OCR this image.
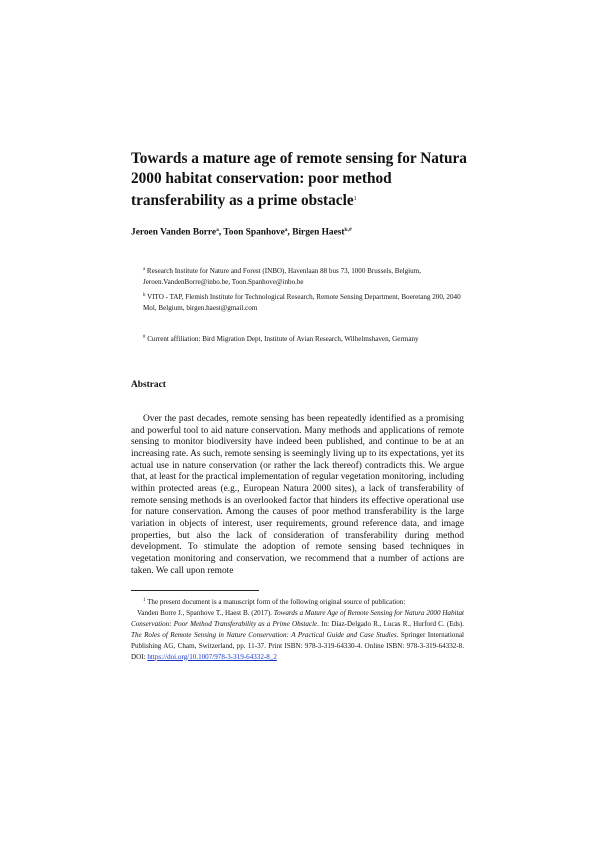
Towards a mature age of remote sensing for Natura 2000 habitat conservation: poor method transferability as a prime obstacle$^1$
Jeroen Vanden Borre$^a$, Toon Spanhove$^a$, Birgen Haest$^{b,\#}$
$^a$ Research Institute for Nature and Forest (INBO), Havenlaan 88 bus 73, 1000 Brussels, Belgium, Jeroen.VandenBorre@inbo.be, Toon.Spanhove@inbo.be
$^b$ VITO - TAP, Flemish Institute for Technological Research, Remote Sensing Department, Boeretang 200, 2040 Mol, Belgium, birgen.haest@gmail.com
# Current affiliation: Bird Migration Dept, Institute of Avian Research, Wilhelmshaven, Germany
Abstract

Over the past decades, remote sensing has been repeatedly identified as a promising and powerful tool to aid nature conservation. Many methods and applications of remote sensing to monitor biodiversity have indeed been published, and continue to be at an increasing rate. As such, remote sensing is seemingly living up to its expectations, yet its actual use in nature conservation (or rather the lack thereof) contradicts this. We argue that, at least for the practical implementation of regular vegetation monitoring, including within protected areas (e.g., European Natura 2000 sites), a lack of transferability of remote sensing methods is an overlooked factor that hinders its effective operational use for nature conservation. Among the causes of poor method transferability is the large variation in objects of interest, user requirements, ground reference data, and image properties, but also the lack of consideration of transferability during method development. To stimulate the adoption of remote sensing based techniques in vegetation monitoring and conservation, we recommend that a number of actions are taken. We call upon remote

$^1$ The present document is a manuscript form of the following original source of publication:
Vanden Borre J., Spanhove T., Haest B. (2017). Towards a Mature Age of Remote Sensing for Natura 2000 Habitat Conservation: Poor Method Transferability as a Prime Obstacle. In: Díaz-Delgado R., Lucas R., Hurford C. (Eds). The Roles of Remote Sensing in Nature Conservation: A Practical Guide and Case Studies. Springer International Publishing AG, Cham, Switzerland, pp. 11-37. Print ISBN: 978-3-319-64330-4. Online ISBN: 978-3-319-64332-8. DOI: https://doi.org/10.1007/978-3-319-64332-8_2
